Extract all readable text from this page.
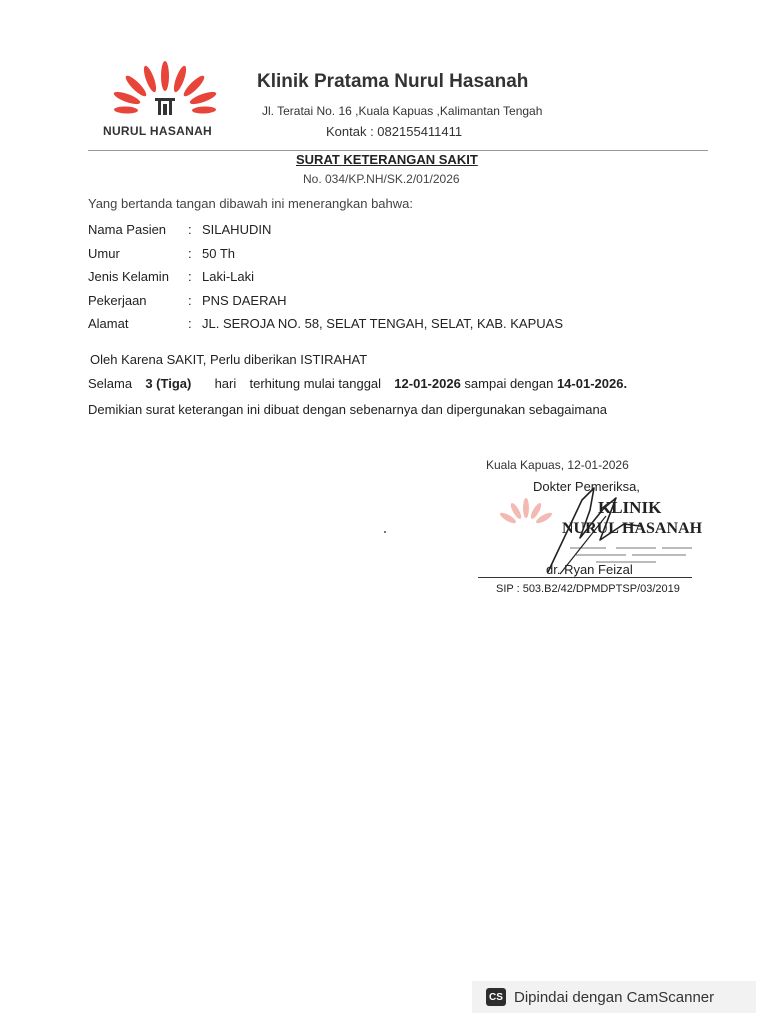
NURUL HASANAH
Klinik Pratama Nurul Hasanah
Jl. Teratai No. 16 ,Kuala Kapuas ,Kalimantan Tengah
Kontak : 082155411411
SURAT KETERANGAN SAKIT
No. 034/KP.NH/SK.2/01/2026
Yang bertanda tangan dibawah ini menerangkan bahwa:
Nama Pasien : SILAHUDIN
Umur	: 50 Th
Jenis Kelamin : Laki-Laki
Pekerjaan	: PNS DAERAH
Alamat	: JL. SEROJA NO. 58, SELAT TENGAH, SELAT, KAB. KAPUAS
Oleh Karena SAKIT, Perlu diberikan ISTIRAHAT
Selama 3 (Tiga) hari terhitung mulai tanggal 12-01-2026 sampai dengan 14-01-2026.
Demikian surat keterangan ini dibuat dengan sebenarnya dan dipergunakan sebagaimana
Kuala Kapuas, 12-01-2026
Dokter Pemeriksa,
KLINIK
NURUL HASANAH
dr. Ryan Feizal
SIP : 503.B2/42/DPMDPTSP/03/2019
CS Dipindai dengan CamScanner
